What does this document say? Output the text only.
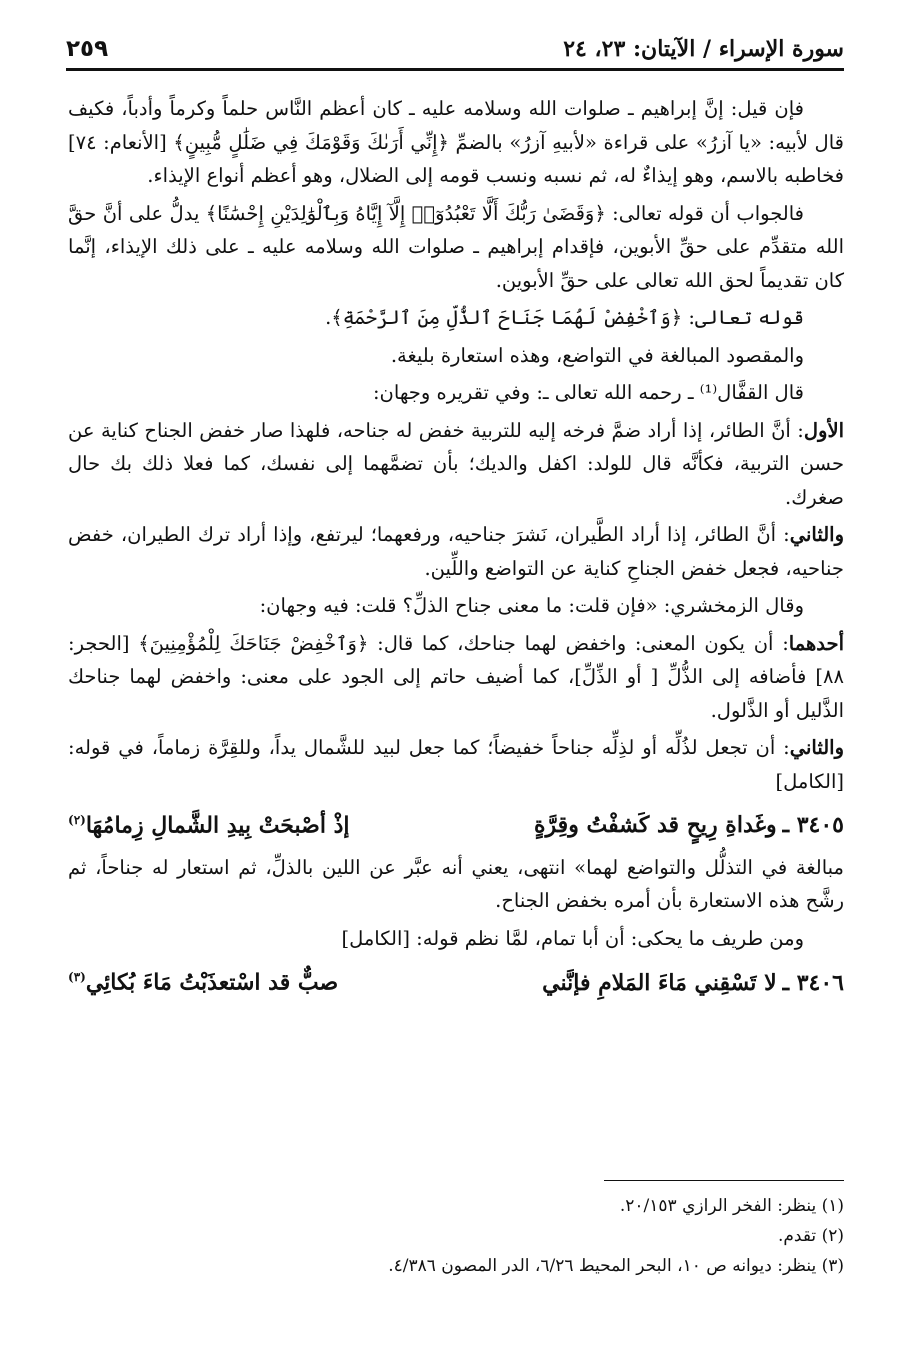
سورة الإسراء / الآيتان: ٢٣، ٢٤
٢٥٩

فإن قيل: إنَّ إبراهيم ـ صلوات الله وسلامه عليه ـ كان أعظم النَّاس حلماً وكرماً وأدباً، فكيف قال لأبيه: «يا آزرُ» على قراءة «لأبيهِ آزرُ» بالضمِّ ﴿إِنِّي أَرَىٰكَ وَقَوْمَكَ فِي ضَلَٰلٍ مُّبِينٍ﴾ [الأنعام: ٧٤] فخاطبه بالاسم، وهو إيذاءٌ له، ثم نسبه ونسب قومه إلى الضلال، وهو أعظم أنواع الإيذاء.

فالجواب أن قوله تعالى: ﴿وَقَضَىٰ رَبُّكَ أَلَّا تَعْبُدُوٓا۟ إِلَّآ إِيَّاهُ وَبِٱلْوَٰلِدَيْنِ إِحْسَٰنًا﴾ يدلُّ على أنَّ حقَّ الله متقدِّم على حقِّ الأبوين، فإقدام إبراهيم ـ صلوات الله وسلامه عليه ـ على ذلك الإيذاء، إنَّما كان تقديماً لحق الله تعالى على حقِّ الأبوين.

قوله تعالى: ﴿وَٱخْفِضْ لَهُمَا جَنَاحَ ٱلذُّلِّ مِنَ ٱلرَّحْمَةِ﴾.

والمقصود المبالغة في التواضع، وهذه استعارة بليغة.

قال القفَّال⁽¹⁾ ـ رحمه الله تعالى ـ: وفي تقريره وجهان:

الأول: أنَّ الطائر، إذا أراد ضمَّ فرخه إليه للتربية خفض له جناحه، فلهذا صار خفض الجناح كناية عن حسن التربية، فكأنَّه قال للولد: اكفل والديك؛ بأن تضمَّهما إلى نفسك، كما فعلا ذلك بك حال صغرك.

والثاني: أنَّ الطائر، إذا أراد الطَّيران، نَشرَ جناحيه، ورفعهما؛ ليرتفع، وإذا أراد ترك الطيران، خفض جناحيه، فجعل خفض الجناحِ كناية عن التواضع واللِّين.

وقال الزمخشري: «فإن قلت: ما معنى جناح الذلِّ؟ قلت: فيه وجهان:

أحدهما: أن يكون المعنى: واخفض لهما جناحك، كما قال: ﴿وَٱخْفِضْ جَنَاحَكَ لِلْمُؤْمِنِينَ﴾ [الحجر: ٨٨] فأضافه إلى الذُّلِّ [ أو الذِّلِّ]، كما أضيف حاتم إلى الجود على معنى: واخفض لهما جناحك الذَّليل أو الذَّلول.

والثاني: أن تجعل لذُلِّه أو لذِلِّه جناحاً خفيضاً؛ كما جعل لبيد للشَّمال يداً، وللقِرَّة زماماً، في قوله: [الكامل]

٣٤٠٥ ـ
وغَداةِ رِيحٍ قد كَشفْتُ وقِرَّةٍ
إذْ أصْبحَتْ بِيدِ الشَّمالِ زِمامُهَا$^{(٢)}$

مبالغة في التذلُّل والتواضع لهما» انتهى، يعني أنه عبَّر عن اللين بالذلِّ، ثم استعار له جناحاً، ثم رشَّح هذه الاستعارة بأن أمره بخفض الجناح.

ومن طريف ما يحكى: أن أبا تمام، لمَّا نظم قوله: [الكامل]

٣٤٠٦ ـ
لا تَسْقِني مَاءَ المَلامِ فإنَّني
صبٌّ قد اسْتعذَبْتُ مَاءَ بُكائِي$^{(٣)}$
(١) ينظر: الفخر الرازي ٢٠/١٥٣.
(٢) تقدم.
(٣) ينظر: ديوانه ص ١٠، البحر المحيط ٦/٢٦، الدر المصون ٤/٣٨٦.
